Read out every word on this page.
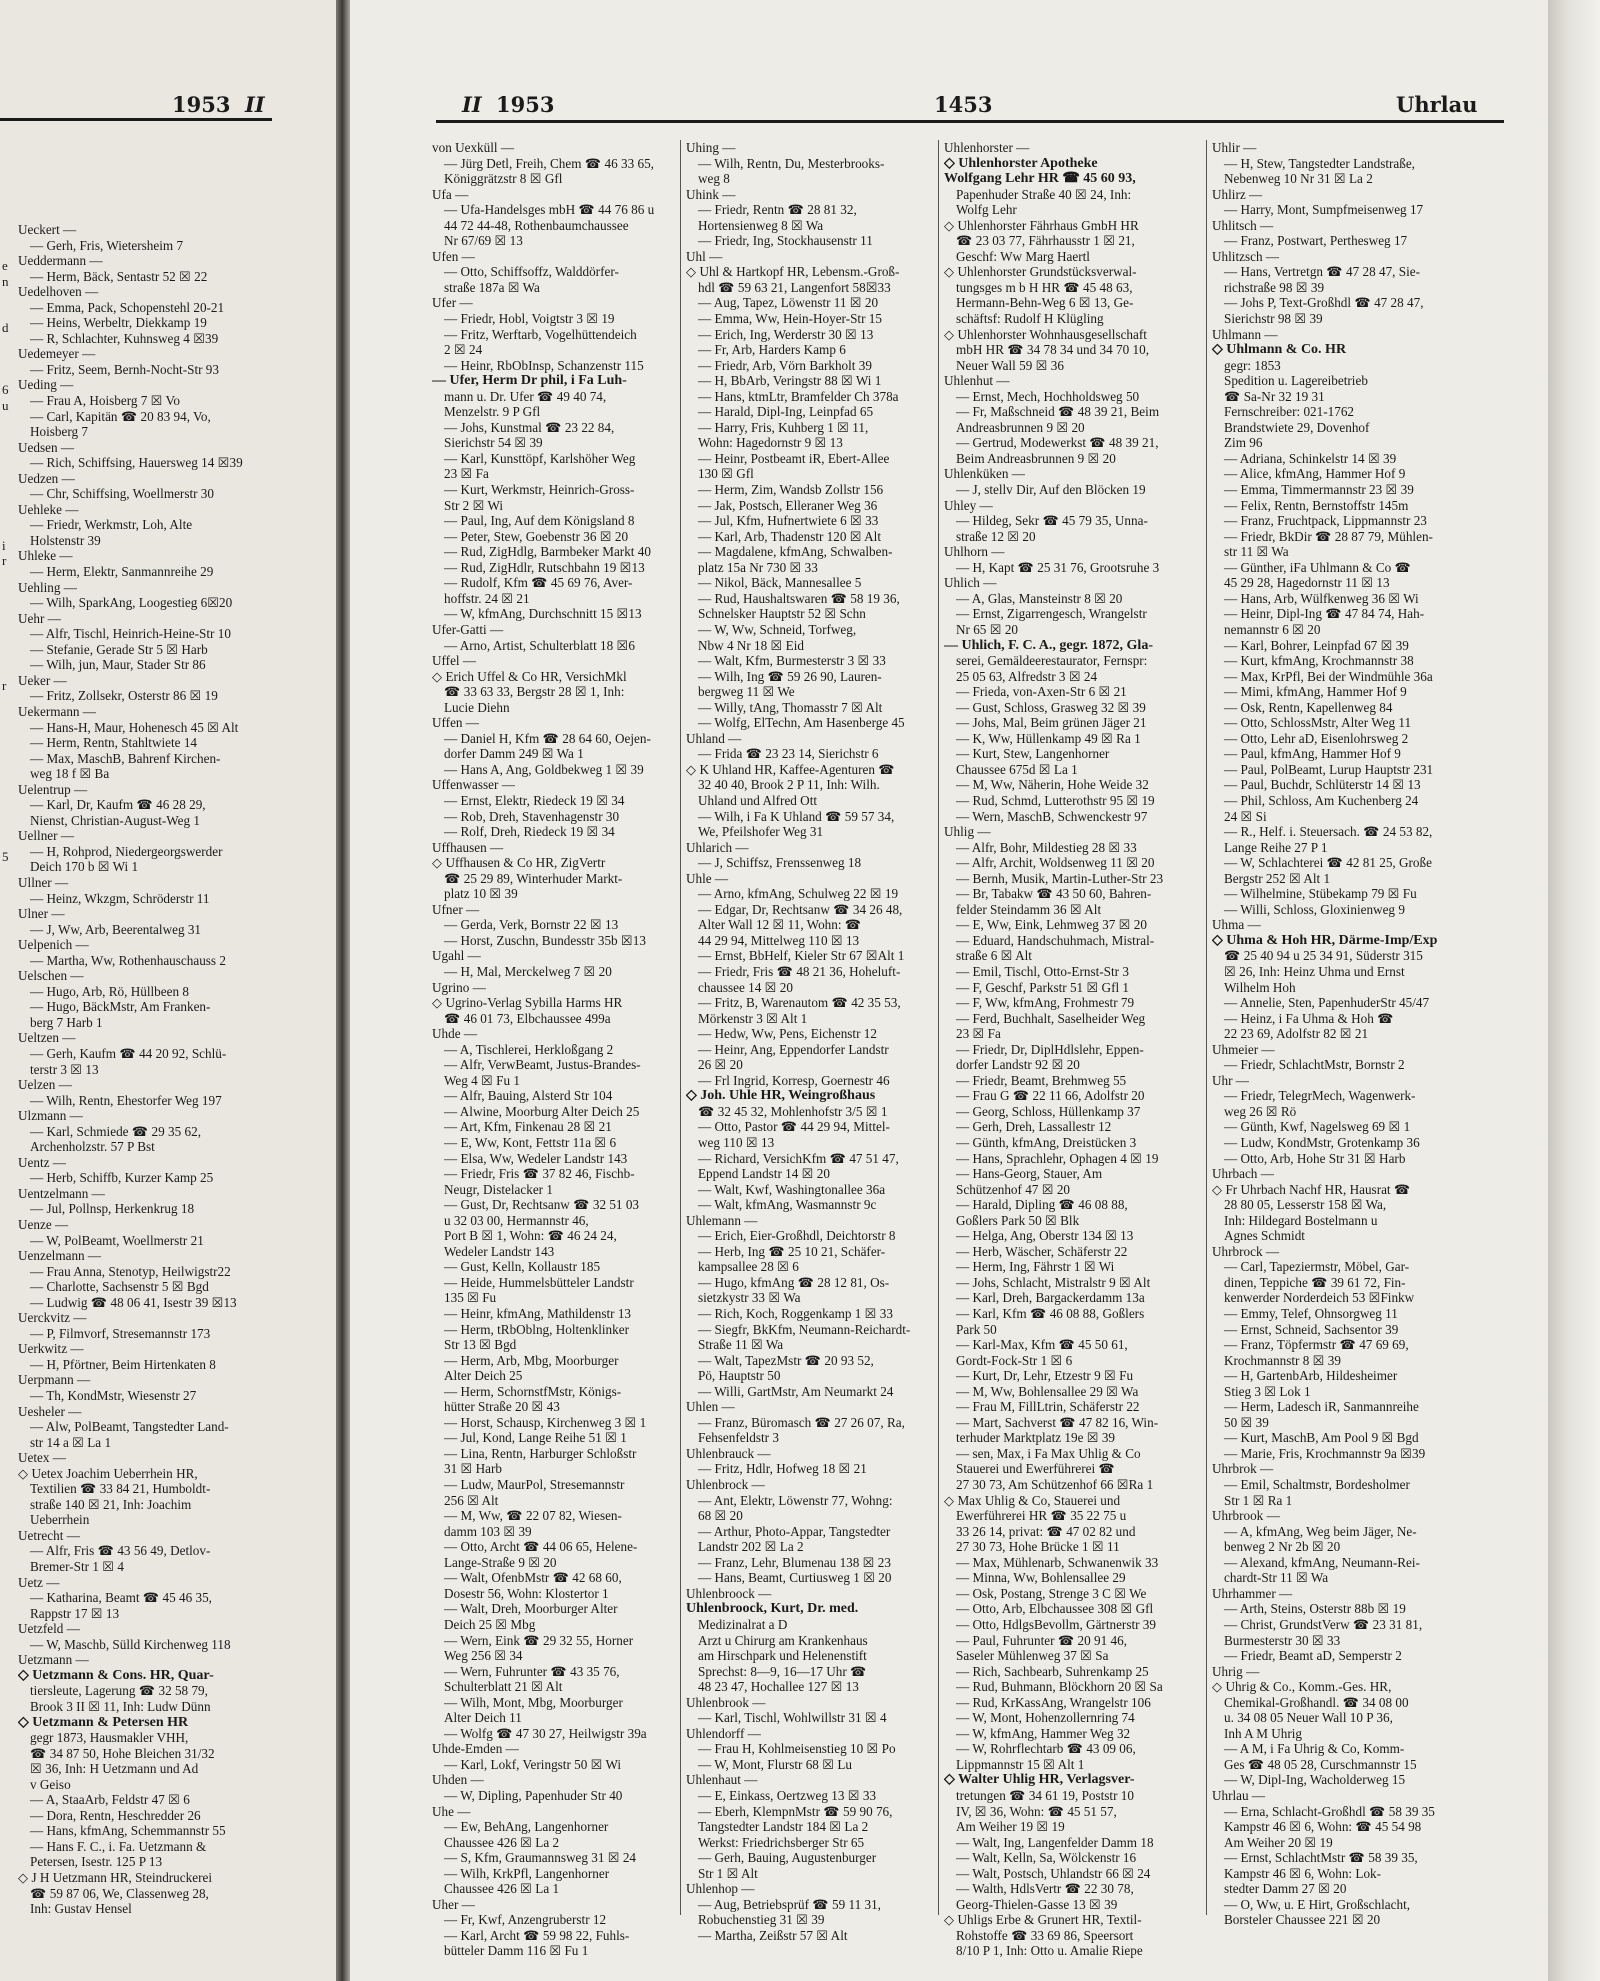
1953 II
e
n

d

6
u

i
r

r

5
Ueckert —
— Gerh, Fris, Wietersheim 7
Ueddermann —
— Herm, Bäck, Sentastr 52 ☒ 22
Uedelhoven —
— Emma, Pack, Schopenstehl 20-21
— Heins, Werbeltr, Diekkamp 19
— R, Schlachter, Kuhnsweg 4 ☒39
Uedemeyer —
— Fritz, Seem, Bernh-Nocht-Str 93
Ueding —
— Frau A, Hoisberg 7 ☒ Vo
— Carl, Kapitän ☎ 20 83 94, Vo,
Hoisberg 7
Uedsen —
— Rich, Schiffsing, Hauersweg 14 ☒39
Uedzen —
— Chr, Schiffsing, Woellmerstr 30
Uehleke —
— Friedr, Werkmstr, Loh, Alte
Holstenstr 39
Uhleke —
— Herm, Elektr, Sanmannreihe 29
Uehling —
— Wilh, SparkAng, Loogestieg 6☒20
Uehr —
— Alfr, Tischl, Heinrich-Heine-Str 10
— Stefanie, Gerade Str 5 ☒ Harb
— Wilh, jun, Maur, Stader Str 86
Ueker —
— Fritz, Zollsekr, Osterstr 86 ☒ 19
Uekermann —
— Hans-H, Maur, Hohenesch 45 ☒ Alt
— Herm, Rentn, Stahltwiete 14
— Max, MaschB, Bahrenf Kirchen-
weg 18 f ☒ Ba
Uelentrup —
— Karl, Dr, Kaufm ☎ 46 28 29,
Nienst, Christian-August-Weg 1
Uellner —
— H, Rohprod, Niedergeorgswerder
Deich 170 b ☒ Wi 1
Ullner —
— Heinz, Wkzgm, Schröderstr 11
Ulner —
— J, Ww, Arb, Beerentalweg 31
Uelpenich —
— Martha, Ww, Rothenhauschauss 2
Uelschen —
— Hugo, Arb, Rö, Hüllbeen 8
— Hugo, BäckMstr, Am Franken-
berg 7 Harb 1
Ueltzen —
— Gerh, Kaufm ☎ 44 20 92, Schlü-
terstr 3 ☒ 13
Uelzen —
— Wilh, Rentn, Ehestorfer Weg 197
Ulzmann —
— Karl, Schmiede ☎ 29 35 62,
Archenholzstr. 57 P Bst
Uentz —
— Herb, Schiffb, Kurzer Kamp 25
Uentzelmann —
— Jul, Pollnsp, Herkenkrug 18
Uenze —
— W, PolBeamt, Woellmerstr 21
Uenzelmann —
— Frau Anna, Stenotyp, Heilwigstr22
— Charlotte, Sachsenstr 5 ☒ Bgd
— Ludwig ☎ 48 06 41, Isestr 39 ☒13
Uerckvitz —
— P, Filmvorf, Stresemannstr 173
Uerkwitz —
— H, Pförtner, Beim Hirtenkaten 8
Uerpmann —
— Th, KondMstr, Wiesenstr 27
Uesheler —
— Alw, PolBeamt, Tangstedter Land-
str 14 a ☒ La 1
Uetex —
◇ Uetex Joachim Ueberrhein HR,
Textilien ☎ 33 84 21, Humboldt-
straße 140 ☒ 21, Inh: Joachim
Ueberrhein
Uetrecht —
— Alfr, Fris ☎ 43 56 49, Detlov-
Bremer-Str 1 ☒ 4
Uetz —
— Katharina, Beamt ☎ 45 46 35,
Rappstr 17 ☒ 13
Uetzfeld —
— W, Maschb, Sülld Kirchenweg 118
Uetzmann —
◇ Uetzmann & Cons. HR, Quar-
tiersleute, Lagerung ☎ 32 58 79,
Brook 3 II ☒ 11, Inh: Ludw Dünn
◇ Uetzmann & Petersen HR
gegr 1873, Hausmakler VHH,
☎ 34 87 50, Hohe Bleichen 31/32
☒ 36, Inh: H Uetzmann und Ad
v Geiso
— A, StaaArb, Feldstr 47 ☒ 6
— Dora, Rentn, Heschredder 26
— Hans, kfmAng, Schemmannstr 55
— Hans F. C., i. Fa. Uetzmann &
Petersen, Isestr. 125 P 13
◇ J H Uetzmann HR, Steindruckerei
☎ 59 87 06, We, Classenweg 28,
Inh: Gustav Hensel
II 1953	1453	Uhrlau
von Uexküll —
— Jürg Detl, Freih, Chem ☎ 46 33 65,
Königgrätzstr 8 ☒ Gfl
Ufa —
— Ufa-Handelsges mbH ☎ 44 76 86 u
44 72 44-48, Rothenbaumchaussee
Nr 67/69 ☒ 13
Ufen —
— Otto, Schiffsoffz, Walddörfer-
straße 187a ☒ Wa
Ufer —
— Friedr, Hobl, Voigtstr 3 ☒ 19
— Fritz, Werftarb, Vogelhüttendeich
2 ☒ 24
— Heinr, RbObInsp, Schanzenstr 115
— Ufer, Herm Dr phil, i Fa Luh-
mann u. Dr. Ufer ☎ 49 40 74,
Menzelstr. 9 P Gfl
— Johs, Kunstmal ☎ 23 22 84,
Sierichstr 54 ☒ 39
— Karl, Kunsttöpf, Karlshöher Weg
23 ☒ Fa
— Kurt, Werkmstr, Heinrich-Gross-
Str 2 ☒ Wi
— Paul, Ing, Auf dem Königsland 8
— Peter, Stew, Goebenstr 36 ☒ 20
— Rud, ZigHdlg, Barmbeker Markt 40
— Rud, ZigHdlr, Rutschbahn 19 ☒13
— Rudolf, Kfm ☎ 45 69 76, Aver-
hoffstr. 24 ☒ 21
— W, kfmAng, Durchschnitt 15 ☒13
Ufer-Gatti —
— Arno, Artist, Schulterblatt 18 ☒6
Uffel —
◇ Erich Uffel & Co HR, VersichMkl
☎ 33 63 33, Bergstr 28 ☒ 1, Inh:
Lucie Diehn
Uffen —
— Daniel H, Kfm ☎ 28 64 60, Oejen-
dorfer Damm 249 ☒ Wa 1
— Hans A, Ang, Goldbekweg 1 ☒ 39
Uffenwasser —
— Ernst, Elektr, Riedeck 19 ☒ 34
— Rob, Dreh, Stavenhagenstr 30
— Rolf, Dreh, Riedeck 19 ☒ 34
Uffhausen —
◇ Uffhausen & Co HR, ZigVertr
☎ 25 29 89, Winterhuder Markt-
platz 10 ☒ 39
Ufner —
— Gerda, Verk, Bornstr 22 ☒ 13
— Horst, Zuschn, Bundesstr 35b ☒13
Ugahl —
— H, Mal, Merckelweg 7 ☒ 20
Ugrino —
◇ Ugrino-Verlag Sybilla Harms HR
☎ 46 01 73, Elbchaussee 499a
Uhde —
— A, Tischlerei, Herkloßgang 2
— Alfr, VerwBeamt, Justus-Brandes-
Weg 4 ☒ Fu 1
— Alfr, Bauing, Alsterd Str 104
— Alwine, Moorburg Alter Deich 25
— Art, Kfm, Finkenau 28 ☒ 21
— E, Ww, Kont, Fettstr 11a ☒ 6
— Elsa, Ww, Wedeler Landstr 143
— Friedr, Fris ☎ 37 82 46, Fischb-
Neugr, Distelacker 1
— Gust, Dr, Rechtsanw ☎ 32 51 03
u 32 03 00, Hermannstr 46,
Port B ☒ 1, Wohn: ☎ 46 24 24,
Wedeler Landstr 143
— Gust, Kelln, Kollaustr 185
— Heide, Hummelsbütteler Landstr
135 ☒ Fu
— Heinr, kfmAng, Mathildenstr 13
— Herm, tRbOblng, Holtenklinker
Str 13 ☒ Bgd
— Herm, Arb, Mbg, Moorburger
Alter Deich 25
— Herm, SchornstfMstr, Königs-
hütter Straße 20 ☒ 43
— Horst, Schausp, Kirchenweg 3 ☒ 1
— Jul, Kond, Lange Reihe 51 ☒ 1
— Lina, Rentn, Harburger Schloßstr
31 ☒ Harb
— Ludw, MaurPol, Stresemannstr
256 ☒ Alt
— M, Ww, ☎ 22 07 82, Wiesen-
damm 103 ☒ 39
— Otto, Archt ☎ 44 06 65, Helene-
Lange-Straße 9 ☒ 20
— Walt, OfenbMstr ☎ 42 68 60,
Dosestr 56, Wohn: Klostertor 1
— Walt, Dreh, Moorburger Alter
Deich 25 ☒ Mbg
— Wern, Eink ☎ 29 32 55, Horner
Weg 256 ☒ 34
— Wern, Fuhrunter ☎ 43 35 76,
Schulterblatt 21 ☒ Alt
— Wilh, Mont, Mbg, Moorburger
Alter Deich 11
— Wolfg ☎ 47 30 27, Heilwigstr 39a
Uhde-Emden —
— Karl, Lokf, Veringstr 50 ☒ Wi
Uhden —
— W, Dipling, Papenhuder Str 40
Uhe —
— Ew, BehAng, Langenhorner
Chaussee 426 ☒ La 2
— S, Kfm, Graumannsweg 31 ☒ 24
— Wilh, KrkPfl, Langenhorner
Chaussee 426 ☒ La 1
Uher —
— Fr, Kwf, Anzengruberstr 12
— Karl, Archt ☎ 59 98 22, Fuhls-
bütteler Damm 116 ☒ Fu 1
Uhing —
— Wilh, Rentn, Du, Mesterbrooks-
weg 8
Uhink —
— Friedr, Rentn ☎ 28 81 32,
Hortensienweg 8 ☒ Wa
— Friedr, Ing, Stockhausenstr 11
Uhl —
◇ Uhl & Hartkopf HR, Lebensm.-Groß-
hdl ☎ 59 63 21, Langenfort 58☒33
— Aug, Tapez, Löwenstr 11 ☒ 20
— Emma, Ww, Hein-Hoyer-Str 15
— Erich, Ing, Werderstr 30 ☒ 13
— Fr, Arb, Harders Kamp 6
— Friedr, Arb, Vörn Barkholt 39
— H, BbArb, Veringstr 88 ☒ Wi 1
— Hans, ktmLtr, Bramfelder Ch 378a
— Harald, Dipl-Ing, Leinpfad 65
— Harry, Fris, Kuhberg 1 ☒ 11,
Wohn: Hagedornstr 9 ☒ 13
— Heinr, Postbeamt iR, Ebert-Allee
130 ☒ Gfl
— Herm, Zim, Wandsb Zollstr 156
— Jak, Postsch, Elleraner Weg 36
— Jul, Kfm, Hufnertwiete 6 ☒ 33
— Karl, Arb, Thadenstr 120 ☒ Alt
— Magdalene, kfmAng, Schwalben-
platz 15a Nr 730 ☒ 33
— Nikol, Bäck, Mannesallee 5
— Rud, Haushaltswaren ☎ 58 19 36,
Schnelsker Hauptstr 52 ☒ Schn
— W, Ww, Schneid, Torfweg,
Nbw 4 Nr 18 ☒ Eid
— Walt, Kfm, Burmesterstr 3 ☒ 33
— Wilh, Ing ☎ 59 26 90, Lauren-
bergweg 11 ☒ We
— Willy, tAng, Thomasstr 7 ☒ Alt
— Wolfg, ElTechn, Am Hasenberge 45
Uhland —
— Frida ☎ 23 23 14, Sierichstr 6
◇ K Uhland HR, Kaffee-Agenturen ☎
32 40 40, Brook 2 P 11, Inh: Wilh.
Uhland und Alfred Ott
— Wilh, i Fa K Uhland ☎ 59 57 34,
We, Pfeilshofer Weg 31
Uhlarich —
— J, Schiffsz, Frenssenweg 18
Uhle —
— Arno, kfmAng, Schulweg 22 ☒ 19
— Edgar, Dr, Rechtsanw ☎ 34 26 48,
Alter Wall 12 ☒ 11, Wohn: ☎
44 29 94, Mittelweg 110 ☒ 13
— Ernst, BbHelf, Kieler Str 67 ☒Alt 1
— Friedr, Fris ☎ 48 21 36, Hoheluft-
chaussee 14 ☒ 20
— Fritz, B, Warenautom ☎ 42 35 53,
Mörkenstr 3 ☒ Alt 1
— Hedw, Ww, Pens, Eichenstr 12
— Heinr, Ang, Eppendorfer Landstr
26 ☒ 20
— Frl Ingrid, Korresp, Goernestr 46
◇ Joh. Uhle HR, Weingroßhaus
☎ 32 45 32, Mohlenhofstr 3/5 ☒ 1
— Otto, Pastor ☎ 44 29 94, Mittel-
weg 110 ☒ 13
— Richard, VersichKfm ☎ 47 51 47,
Eppend Landstr 14 ☒ 20
— Walt, Kwf, Washingtonallee 36a
— Walt, kfmAng, Wasmannstr 9c
Uhlemann —
— Erich, Eier-Großhdl, Deichtorstr 8
— Herb, Ing ☎ 25 10 21, Schäfer-
kampsallee 28 ☒ 6
— Hugo, kfmAng ☎ 28 12 81, Os-
sietzkystr 33 ☒ Wa
— Rich, Koch, Roggenkamp 1 ☒ 33
— Siegfr, BkKfm, Neumann-Reichardt-
Straße 11 ☒ Wa
— Walt, TapezMstr ☎ 20 93 52,
Pö, Hauptstr 50
— Willi, GartMstr, Am Neumarkt 24
Uhlen —
— Franz, Büromasch ☎ 27 26 07, Ra,
Fehsenfeldstr 3
Uhlenbrauck —
— Fritz, Hdlr, Hofweg 18 ☒ 21
Uhlenbrock —
— Ant, Elektr, Löwenstr 77, Wohng:
68 ☒ 20
— Arthur, Photo-Appar, Tangstedter
Landstr 202 ☒ La 2
— Franz, Lehr, Blumenau 138 ☒ 23
— Hans, Beamt, Curtiusweg 1 ☒ 20
Uhlenbroock —
Uhlenbroock, Kurt, Dr. med.
Medizinalrat a D
Arzt u Chirurg am Krankenhaus
am Hirschpark und Helenenstift
Sprechst: 8—9, 16—17 Uhr ☎
48 23 47, Hochallee 127 ☒ 13
Uhlenbrook —
— Karl, Tischl, Wohlwillstr 31 ☒ 4
Uhlendorff —
— Frau H, Kohlmeisenstieg 10 ☒ Po
— W, Mont, Flurstr 68 ☒ Lu
Uhlenhaut —
— E, Einkass, Oertzweg 13 ☒ 33
— Eberh, KlempnMstr ☎ 59 90 76,
Tangstedter Landstr 184 ☒ La 2
Werkst: Friedrichsberger Str 65
— Gerh, Bauing, Augustenburger
Str 1 ☒ Alt
Uhlenhop —
— Aug, Betriebsprüf ☎ 59 11 31,
Robuchenstieg 31 ☒ 39
— Martha, Zeißstr 57 ☒ Alt
Uhlenhorster —
◇ Uhlenhorster Apotheke
Wolfgang Lehr HR ☎ 45 60 93,
Papenhuder Straße 40 ☒ 24, Inh:
Wolfg Lehr
◇ Uhlenhorster Fährhaus GmbH HR
☎ 23 03 77, Fährhausstr 1 ☒ 21,
Geschf: Ww Marg Haertl
◇ Uhlenhorster Grundstücksverwal-
tungsges m b H HR ☎ 45 48 63,
Hermann-Behn-Weg 6 ☒ 13, Ge-
schäftsf: Rudolf H Klügling
◇ Uhlenhorster Wohnhausgesellschaft
mbH HR ☎ 34 78 34 und 34 70 10,
Neuer Wall 59 ☒ 36
Uhlenhut —
— Ernst, Mech, Hochholdsweg 50
— Fr, Maßschneid ☎ 48 39 21, Beim
Andreasbrunnen 9 ☒ 20
— Gertrud, Modewerkst ☎ 48 39 21,
Beim Andreasbrunnen 9 ☒ 20
Uhlenküken —
— J, stellv Dir, Auf den Blöcken 19
Uhley —
— Hildeg, Sekr ☎ 45 79 35, Unna-
straße 12 ☒ 20
Uhlhorn —
— H, Kapt ☎ 25 31 76, Grootsruhe 3
Uhlich —
— A, Glas, Mansteinstr 8 ☒ 20
— Ernst, Zigarrengesch, Wrangelstr
Nr 65 ☒ 20
— Uhlich, F. C. A., gegr. 1872, Gla-
serei, Gemäldeerestaurator, Fernspr:
25 05 63, Alfredstr 3 ☒ 24
— Frieda, von-Axen-Str 6 ☒ 21
— Gust, Schloss, Grasweg 32 ☒ 39
— Johs, Mal, Beim grünen Jäger 21
— K, Ww, Hüllenkamp 49 ☒ Ra 1
— Kurt, Stew, Langenhorner
Chaussee 675d ☒ La 1
— M, Ww, Näherin, Hohe Weide 32
— Rud, Schmd, Lutterothstr 95 ☒ 19
— Wern, MaschB, Schwenckestr 97
Uhlig —
— Alfr, Bohr, Mildestieg 28 ☒ 33
— Alfr, Archit, Woldsenweg 11 ☒ 20
— Bernh, Musik, Martin-Luther-Str 23
— Br, Tabakw ☎ 43 50 60, Bahren-
felder Steindamm 36 ☒ Alt
— E, Ww, Eink, Lehmweg 37 ☒ 20
— Eduard, Handschuhmach, Mistral-
straße 6 ☒ Alt
— Emil, Tischl, Otto-Ernst-Str 3
— F, Geschf, Parkstr 51 ☒ Gfl 1
— F, Ww, kfmAng, Frohmestr 79
— Ferd, Buchhalt, Saselheider Weg
23 ☒ Fa
— Friedr, Dr, DiplHdlslehr, Eppen-
dorfer Landstr 92 ☒ 20
— Friedr, Beamt, Brehmweg 55
— Frau G ☎ 22 11 66, Adolfstr 20
— Georg, Schloss, Hüllenkamp 37
— Gerh, Dreh, Lassallestr 12
— Günth, kfmAng, Dreistücken 3
— Hans, Sprachlehr, Ophagen 4 ☒ 19
— Hans-Georg, Stauer, Am
Schützenhof 47 ☒ 20
— Harald, Dipling ☎ 46 08 88,
Goßlers Park 50 ☒ Blk
— Helga, Ang, Oberstr 134 ☒ 13
— Herb, Wäscher, Schäferstr 22
— Herm, Ing, Fährstr 1 ☒ Wi
— Johs, Schlacht, Mistralstr 9 ☒ Alt
— Karl, Dreh, Bargackerdamm 13a
— Karl, Kfm ☎ 46 08 88, Goßlers
Park 50
— Karl-Max, Kfm ☎ 45 50 61,
Gordt-Fock-Str 1 ☒ 6
— Kurt, Dr, Lehr, Etzestr 9 ☒ Fu
— M, Ww, Bohlensallee 29 ☒ Wa
— Frau M, FillLtrin, Schäferstr 22
— Mart, Sachverst ☎ 47 82 16, Win-
terhuder Marktplatz 19e ☒ 39
— sen, Max, i Fa Max Uhlig & Co
Stauerei und Ewerführerei ☎
27 30 73, Am Schützenhof 66 ☒Ra 1
◇ Max Uhlig & Co, Stauerei und
Ewerführerei HR ☎ 35 22 75 u
33 26 14, privat: ☎ 47 02 82 und
27 30 73, Hohe Brücke 1 ☒ 11
— Max, Mühlenarb, Schwanenwik 33
— Minna, Ww, Bohlensallee 29
— Osk, Postang, Strenge 3 C ☒ We
— Otto, Arb, Elbchaussee 308 ☒ Gfl
— Otto, HdlgsBevollm, Gärtnerstr 39
— Paul, Fuhrunter ☎ 20 91 46,
Saseler Mühlenweg 37 ☒ Sa
— Rich, Sachbearb, Suhrenkamp 25
— Rud, Buhmann, Blöckhorn 20 ☒ Sa
— Rud, KrKassAng, Wrangelstr 106
— W, Mont, Hohenzollernring 74
— W, kfmAng, Hammer Weg 32
— W, Rohrflechtarb ☎ 43 09 06,
Lippmannstr 15 ☒ Alt 1
◇ Walter Uhlig HR, Verlagsver-
tretungen ☎ 34 61 19, Poststr 10
IV, ☒ 36, Wohn: ☎ 45 51 57,
Am Weiher 19 ☒ 19
— Walt, Ing, Langenfelder Damm 18
— Walt, Kelln, Sa, Wölckenstr 16
— Walt, Postsch, Uhlandstr 66 ☒ 24
— Walth, HdlsVertr ☎ 22 30 78,
Georg-Thielen-Gasse 13 ☒ 39
◇ Uhligs Erbe & Grunert HR, Textil-
Rohstoffe ☎ 33 69 86, Speersort
8/10 P 1, Inh: Otto u. Amalie Riepe
Uhlir —
— H, Stew, Tangstedter Landstraße,
Nebenweg 10 Nr 31 ☒ La 2
Uhlirz —
— Harry, Mont, Sumpfmeisenweg 17
Uhlitsch —
— Franz, Postwart, Perthesweg 17
Uhlitzsch —
— Hans, Vertretgn ☎ 47 28 47, Sie-
richstraße 98 ☒ 39
— Johs P, Text-Großhdl ☎ 47 28 47,
Sierichstr 98 ☒ 39
Uhlmann —
◇ Uhlmann & Co. HR
gegr: 1853
Spedition u. Lagereibetrieb
☎ Sa-Nr 32 19 31
Fernschreiber: 021-1762
Brandstwiete 29, Dovenhof
Zim 96
— Adriana, Schinkelstr 14 ☒ 39
— Alice, kfmAng, Hammer Hof 9
— Emma, Timmermannstr 23 ☒ 39
— Felix, Rentn, Bernstoffstr 145m
— Franz, Fruchtpack, Lippmannstr 23
— Friedr, BkDir ☎ 28 87 79, Mühlen-
str 11 ☒ Wa
— Günther, iFa Uhlmann & Co ☎
45 29 28, Hagedornstr 11 ☒ 13
— Hans, Arb, Wülfkenweg 36 ☒ Wi
— Heinr, Dipl-Ing ☎ 47 84 74, Hah-
nemannstr 6 ☒ 20
— Karl, Bohrer, Leinpfad 67 ☒ 39
— Kurt, kfmAng, Krochmannstr 38
— Max, KrPfl, Bei der Windmühle 36a
— Mimi, kfmAng, Hammer Hof 9
— Osk, Rentn, Kapellenweg 84
— Otto, SchlossMstr, Alter Weg 11
— Otto, Lehr aD, Eisenlohrsweg 2
— Paul, kfmAng, Hammer Hof 9
— Paul, PolBeamt, Lurup Hauptstr 231
— Paul, Buchdr, Schlüterstr 14 ☒ 13
— Phil, Schloss, Am Kuchenberg 24
24 ☒ Si
— R., Helf. i. Steuersach. ☎ 24 53 82,
Lange Reihe 27 P 1
— W, Schlachterei ☎ 42 81 25, Große
Bergstr 252 ☒ Alt 1
— Wilhelmine, Stübekamp 79 ☒ Fu
— Willi, Schloss, Gloxinienweg 9
Uhma —
◇ Uhma & Hoh HR, Därme-Imp/Exp
☎ 25 40 94 u 25 34 91, Süderstr 315
☒ 26, Inh: Heinz Uhma und Ernst
Wilhelm Hoh
— Annelie, Sten, PapenhuderStr 45/47
— Heinz, i Fa Uhma & Hoh ☎
22 23 69, Adolfstr 82 ☒ 21
Uhmeier —
— Friedr, SchlachtMstr, Bornstr 2
Uhr —
— Friedr, TelegrMech, Wagenwerk-
weg 26 ☒ Rö
— Günth, Kwf, Nagelsweg 69 ☒ 1
— Ludw, KondMstr, Grotenkamp 36
— Otto, Arb, Hohe Str 31 ☒ Harb
Uhrbach —
◇ Fr Uhrbach Nachf HR, Hausrat ☎
28 80 05, Lesserstr 158 ☒ Wa,
Inh: Hildegard Bostelmann u
Agnes Schmidt
Uhrbrock —
— Carl, Tapeziermstr, Möbel, Gar-
dinen, Teppiche ☎ 39 61 72, Fin-
kenwerder Norderdeich 53 ☒Finkw
— Emmy, Telef, Ohnsorgweg 11
— Ernst, Schneid, Sachsentor 39
— Franz, Töpfermstr ☎ 47 69 69,
Krochmannstr 8 ☒ 39
— H, GartenbArb, Hildesheimer
Stieg 3 ☒ Lok 1
— Herm, Ladesch iR, Sanmannreihe
50 ☒ 39
— Kurt, MaschB, Am Pool 9 ☒ Bgd
— Marie, Fris, Krochmannstr 9a ☒39
Uhrbrok —
— Emil, Schaltmstr, Bordesholmer
Str 1 ☒ Ra 1
Uhrbrook —
— A, kfmAng, Weg beim Jäger, Ne-
benweg 2 Nr 2b ☒ 20
— Alexand, kfmAng, Neumann-Rei-
chardt-Str 11 ☒ Wa
Uhrhammer —
— Arth, Steins, Osterstr 88b ☒ 19
— Christ, GrundstVerw ☎ 23 31 81,
Burmesterstr 30 ☒ 33
— Friedr, Beamt aD, Semperstr 2
Uhrig —
◇ Uhrig & Co., Komm.-Ges. HR,
Chemikal-Großhandl. ☎ 34 08 00
u. 34 08 05 Neuer Wall 10 P 36,
Inh A M Uhrig
— A M, i Fa Uhrig & Co, Komm-
Ges ☎ 48 05 28, Curschmannstr 15
— W, Dipl-Ing, Wacholderweg 15
Uhrlau —
— Erna, Schlacht-Großhdl ☎ 58 39 35
Kampstr 46 ☒ 6, Wohn: ☎ 45 54 98
Am Weiher 20 ☒ 19
— Ernst, SchlachtMstr ☎ 58 39 35,
Kampstr 46 ☒ 6, Wohn: Lok-
stedter Damm 27 ☒ 20
— O, Ww, u. E Hirt, Großschlacht,
Borsteler Chaussee 221 ☒ 20
